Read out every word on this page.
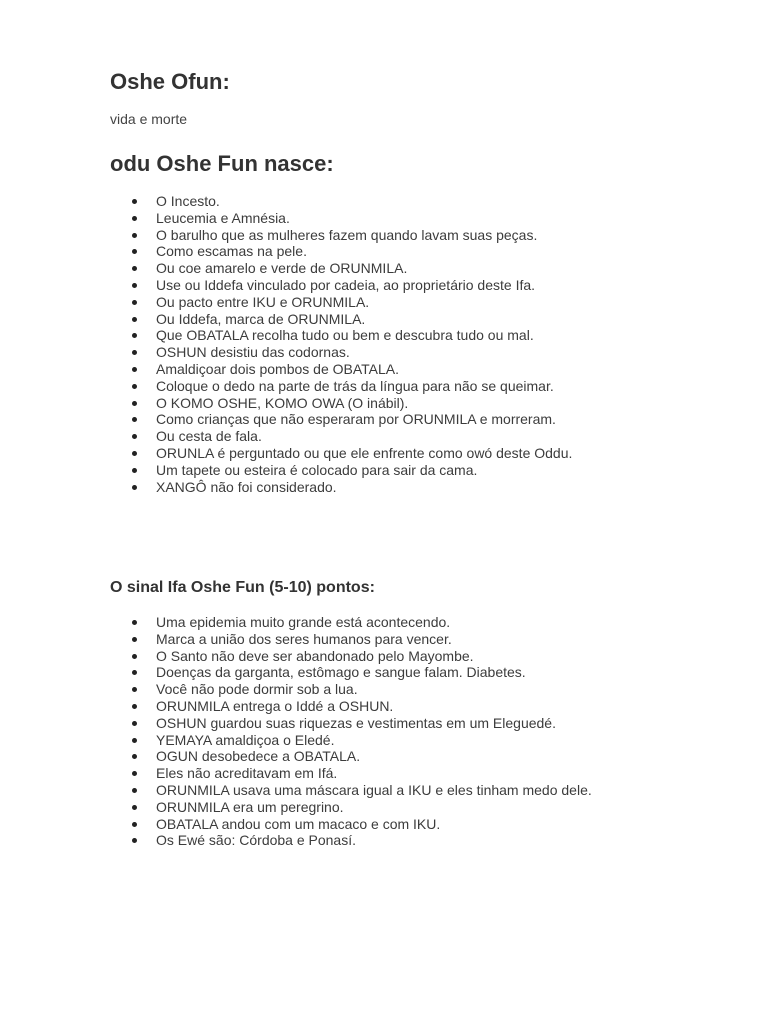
Oshe Ofun:

vida e morte

odu Oshe Fun nasce:
O Incesto.
Leucemia e Amnésia.
O barulho que as mulheres fazem quando lavam suas peças.
Como escamas na pele.
Ou coe amarelo e verde de ORUNMILA.
Use ou Iddefa vinculado por cadeia, ao proprietário deste Ifa.
Ou pacto entre IKU e ORUNMILA.
Ou Iddefa, marca de ORUNMILA.
Que OBATALA recolha tudo ou bem e descubra tudo ou mal.
OSHUN desistiu das codornas.
Amaldiçoar dois pombos de OBATALA.
Coloque o dedo na parte de trás da língua para não se queimar.
O KOMO OSHE, KOMO OWA (O inábil).
Como crianças que não esperaram por ORUNMILA e morreram.
Ou cesta de fala.
ORUNLA é perguntado ou que ele enfrente como owó deste Oddu.
Um tapete ou esteira é colocado para sair da cama.
XANGÔ não foi considerado.
O sinal Ifa Oshe Fun (5-10) pontos:
Uma epidemia muito grande está acontecendo.
Marca a união dos seres humanos para vencer.
O Santo não deve ser abandonado pelo Mayombe.
Doenças da garganta, estômago e sangue falam. Diabetes.
Você não pode dormir sob a lua.
ORUNMILA entrega o Iddé a OSHUN.
OSHUN guardou suas riquezas e vestimentas em um Eleguedé.
YEMAYA amaldiçoa o Eledé.
OGUN desobedece a OBATALA.
Eles não acreditavam em Ifá.
ORUNMILA usava uma máscara igual a IKU e eles tinham medo dele.
ORUNMILA era um peregrino.
OBATALA andou com um macaco e com IKU.
Os Ewé são: Córdoba e Ponasí.
